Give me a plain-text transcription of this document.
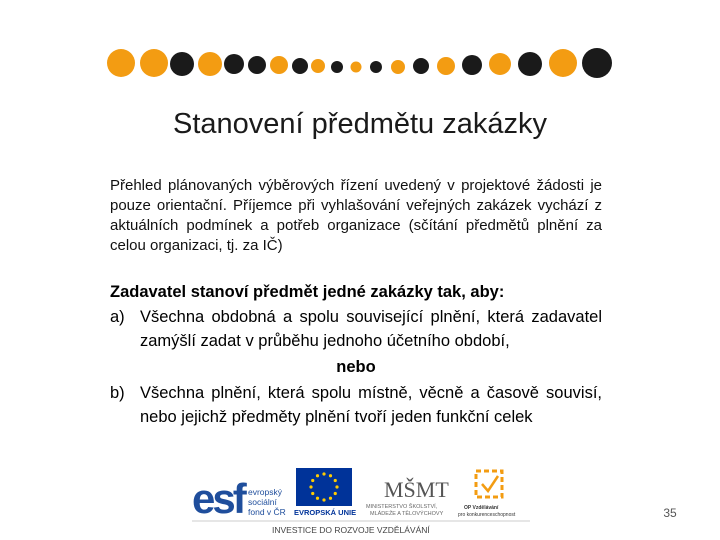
Stanovení předmětu zakázky
Přehled plánovaných výběrových řízení uvedený v projektové žádosti je pouze orientační. Příjemce při vyhlašování veřejných zakázek vychází z aktuálních podmínek a potřeb organizace (sčítání předmětů plnění za celou organizaci, tj. za IČ)
Zadavatel stanoví předmět jedné zakázky tak, aby:
a) Všechna obdobná a spolu související plnění, která zadavatel zamýšlí zadat v průběhu jednoho účetního období,
nebo
b) Všechna plnění, která spolu místně, věcně a časově souvisí, nebo jejichž předměty plnění tvoří jeden funkční celek
esf evropský
sociální
fond v ČR EVROPSKÁ UNIE
MŠMT
MINISTERSTVO ŠKOLSTVÍ,
MLÁDEŽE A TĚLOVÝCHOVY
OP Vzdělávání
pro konkurenceschopnost
INVESTICE DO ROZVOJE VZDĚLÁVÁNÍ
35
